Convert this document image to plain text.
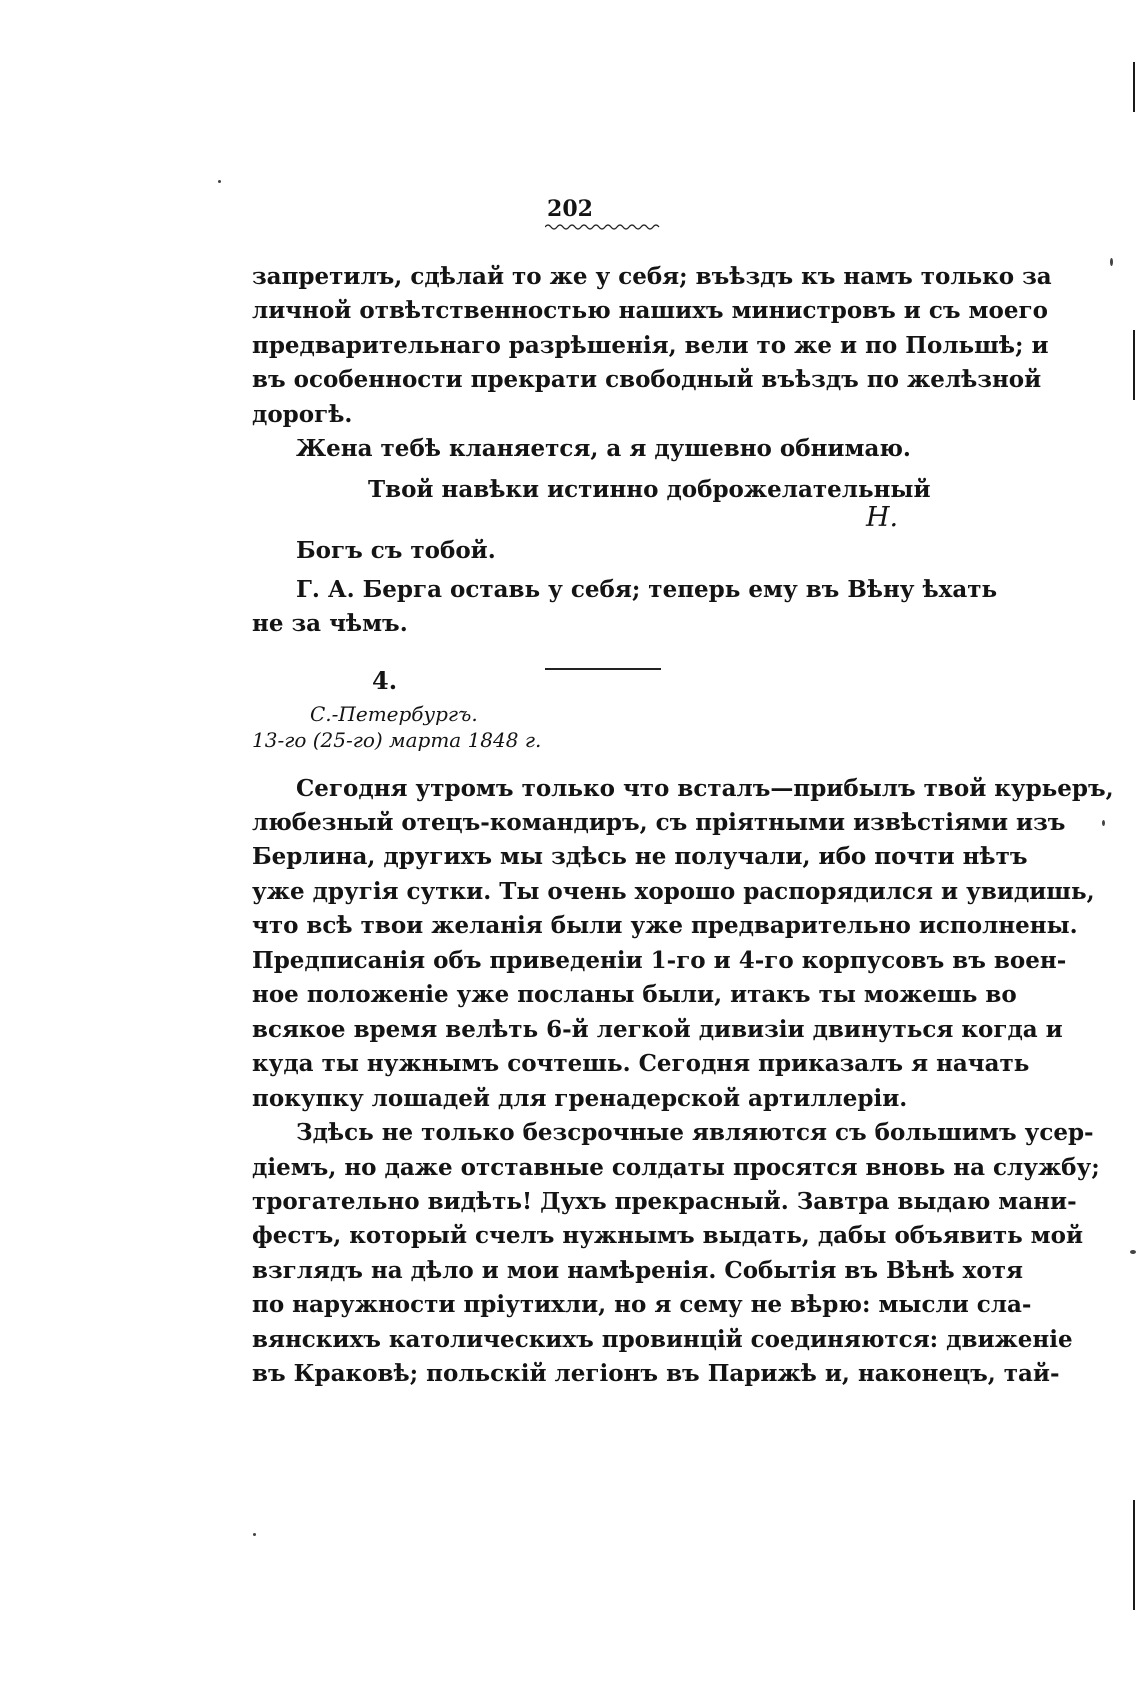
202
запретилъ, сдѣлай то же у себя; въѣздъ къ намъ только за
личной отвѣтственностью нашихъ министровъ и съ моего
предварительнаго разрѣшенія, вели то же и по Польшѣ; и
въ особенности прекрати свободный въѣздъ по желѣзной
дорогѣ.
Жена тебѣ кланяется, а я душевно обнимаю.
Твой навѣки истинно доброжелательный
Н.
Богъ съ тобой.
Г. А. Берга оставь у себя; теперь ему въ Вѣну ѣхать
не за чѣмъ.
4.
С.-Петербургъ.
13-го (25-го) марта 1848 г.
Сегодня утромъ только что всталъ—прибылъ твой курьеръ,
любезный отецъ-командиръ, съ пріятными извѣстіями изъ
Берлина, другихъ мы здѣсь не получали, ибо почти нѣтъ
уже другія сутки. Ты очень хорошо распорядился и увидишь,
что всѣ твои желанія были уже предварительно исполнены.
Предписанія объ приведеніи 1-го и 4-го корпусовъ въ воен-
ное положеніе уже посланы были, итакъ ты можешь во
всякое время велѣть 6-й легкой дивизіи двинуться когда и
куда ты нужнымъ сочтешь. Сегодня приказалъ я начать
покупку лошадей для гренадерской артиллеріи.
Здѣсь не только безсрочные являются съ большимъ усер-
діемъ, но даже отставные солдаты просятся вновь на службу;
трогательно видѣть! Духъ прекрасный. Завтра выдаю мани-
фестъ, который счелъ нужнымъ выдать, дабы объявить мой
взглядъ на дѣло и мои намѣренія. Событія въ Вѣнѣ хотя
по наружности пріутихли, но я сему не вѣрю: мысли сла-
вянскихъ католическихъ провинцій соединяются: движеніе
въ Краковѣ; польскій легіонъ въ Парижѣ и, наконецъ, тай-
